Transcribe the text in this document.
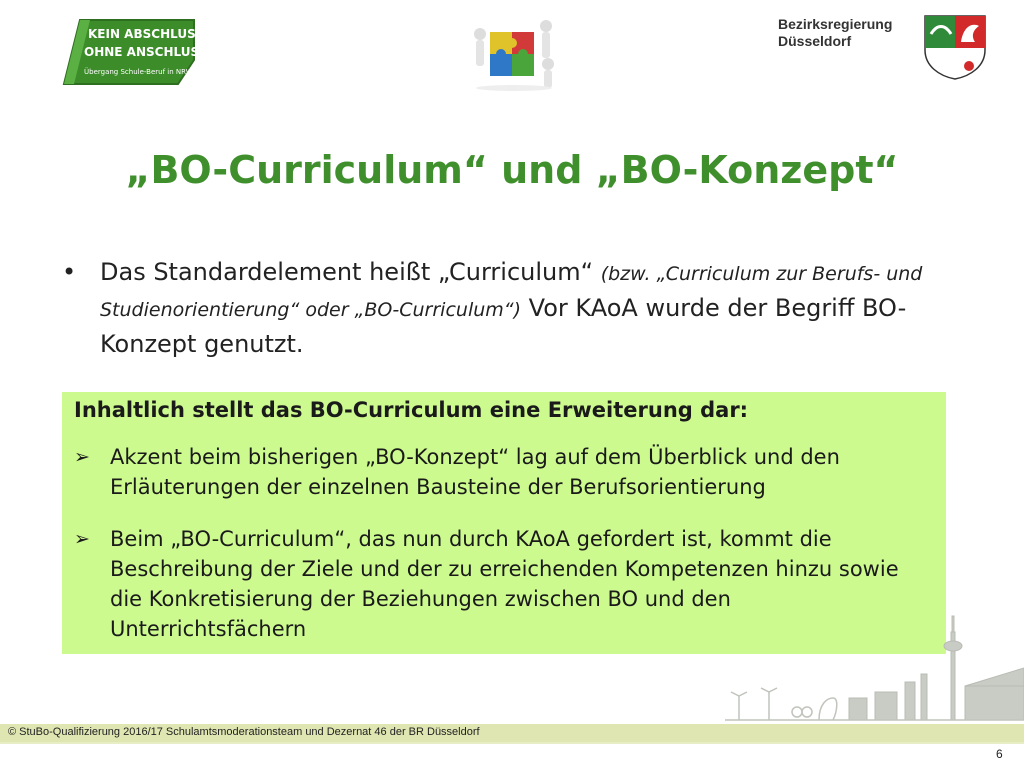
KEIN ABSCHLUSS
OHNE ANSCHLUSS
Übergang Schule-Beruf in NRW.
Bezirksregierung
Düsseldorf
„BO-Curriculum“ und „BO-Konzept“
• Das Standardelement heißt „Curriculum“ (bzw. „Curriculum zur Berufs- und Studienorientierung“ oder „BO-Curriculum“) Vor KAoA wurde der Begriff BO-Konzept genutzt.
Inhaltlich stellt das BO-Curriculum eine Erweiterung dar:
➢ Akzent beim bisherigen „BO-Konzept“ lag auf dem Überblick und den Erläuterungen der einzelnen Bausteine der Berufsorientierung
➢ Beim „BO-Curriculum“, das nun durch KAoA gefordert ist, kommt die Beschreibung der Ziele und der zu erreichenden Kompetenzen hinzu sowie die Konkretisierung der Beziehungen zwischen BO und den Unterrichtsfächern
© StuBo-Qualifizierung 2016/17 Schulamtsmoderationsteam und Dezernat 46 der BR Düsseldorf
6
